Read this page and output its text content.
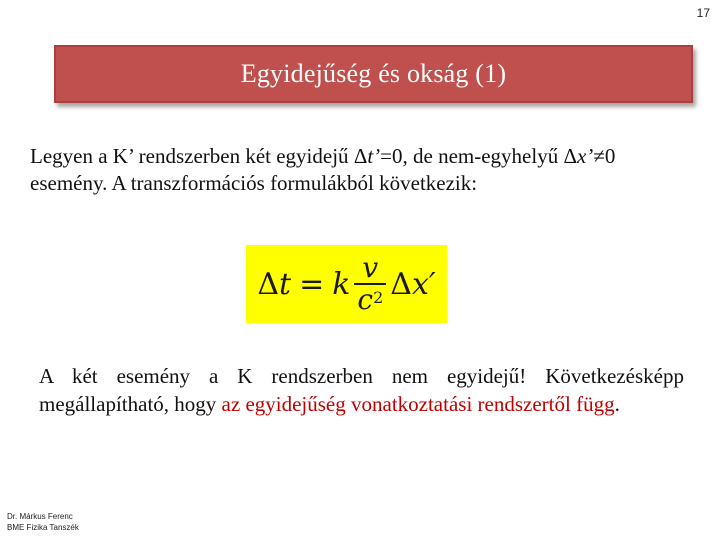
17
Egyidejűség és okság (1)
Legyen a K’ rendszerben két egyidejű Δt’=0, de nem-egyhelyű Δx’≠0 esemény. A transzformációs formulákból következik:
Δ t = k $\frac{v}{c^2}$ Δ x′
A két esemény a K rendszerben nem egyidejű! Következésképp megállapítható, hogy az egyidejűség vonatkoztatási rendszertől függ.
Dr. Márkus Ferenc
BME Fizika Tanszék
